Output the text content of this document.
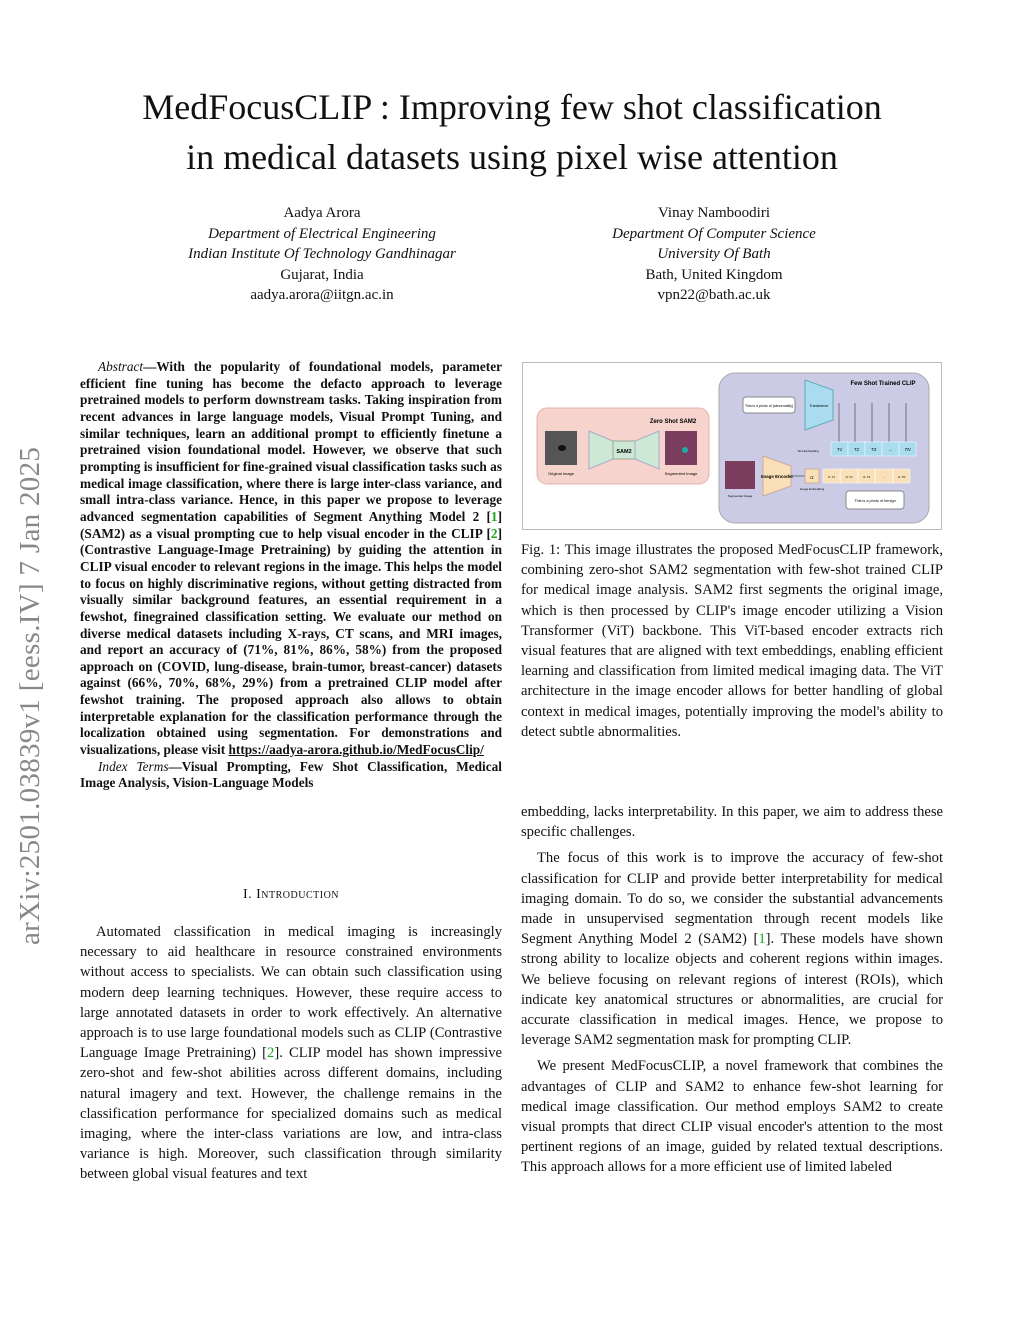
MedFocusCLIP : Improving few shot classification
in medical datasets using pixel wise attention
Aadya Arora
Department of Electrical Engineering
Indian Institute Of Technology Gandhinagar
Gujarat, India
aadya.arora@iitgn.ac.in
Vinay Namboodiri
Department Of Computer Science
University Of Bath
Bath, United Kingdom
vpn22@bath.ac.uk
arXiv:2501.03839v1 [eess.IV] 7 Jan 2025

Abstract—With the popularity of foundational models, parameter efficient fine tuning has become the defacto approach to leverage pretrained models to perform downstream tasks. Taking inspiration from recent advances in large language models, Visual Prompt Tuning, and similar techniques, learn an additional prompt to efficiently finetune a pretrained vision foundational model. However, we observe that such prompting is insufficient for fine-grained visual classification tasks such as medical image classification, where there is large inter-class variance, and small intra-class variance. Hence, in this paper we propose to leverage advanced segmentation capabilities of Segment Anything Model 2 [1] (SAM2) as a visual prompting cue to help visual encoder in the CLIP [2] (Contrastive Language-Image Pretraining) by guiding the attention in CLIP visual encoder to relevant regions in the image. This helps the model to focus on highly discriminative regions, without getting distracted from visually similar background features, an essential requirement in a fewshot, finegrained classification setting. We evaluate our method on diverse medical datasets including X-rays, CT scans, and MRI images, and report an accuracy of (71%, 81%, 86%, 58%) from the proposed approach on (COVID, lung-disease, brain-tumor, breast-cancer) datasets against (66%, 70%, 68%, 29%) from a pretrained CLIP model after fewshot training. The proposed approach also allows to obtain interpretable explanation for the classification performance through the localization obtained using segmentation. For demonstrations and visualizations, please visit https://aadya-arora.github.io/MedFocusClip/

Index Terms—Visual Prompting, Few Shot Classification, Medical Image Analysis, Vision-Language Models

I. Introduction

Automated classification in medical imaging is increasingly necessary to aid healthcare in resource constrained environments without access to specialists. We can obtain such classification using modern deep learning techniques. However, these require access to large annotated datasets in order to work effectively. An alternative approach is to use large foundational models such as CLIP (Contrastive Language Image Pretraining) [2]. CLIP model has shown impressive zero-shot and few-shot abilities across different domains, including natural imagery and text. However, the challenge remains in the classification performance for specialized domains such as medical imaging, where the inter-class variations are low, and intra-class variance is high. Moreover, such classification through similarity between global visual features and text

Zero Shot SAM2
Original Image
SAM2
Segmented Image
Few Shot Trained CLIP
This is a photo of {abnormality}	Transformer
Text Embedding	T1	T2	T3	...	TN
Segmented Image
Image Encoder	I1
Image Embedding
I1·T1	I1·T2	I1·T3	...	I1·TN
This is a photo of benign
Fig. 1: This image illustrates the proposed MedFocusCLIP framework, combining zero-shot SAM2 segmentation with few-shot trained CLIP for medical image analysis. SAM2 first segments the original image, which is then processed by CLIP's image encoder utilizing a Vision Transformer (ViT) backbone. This ViT-based encoder extracts rich visual features that are aligned with text embeddings, enabling efficient learning and classification from limited medical imaging data. The ViT architecture in the image encoder allows for better handling of global context in medical images, potentially improving the model's ability to detect subtle abnormalities.

embedding, lacks interpretability. In this paper, we aim to address these specific challenges.

The focus of this work is to improve the accuracy of few-shot classification for CLIP and provide better interpretability for medical imaging domain. To do so, we consider the substantial advancements made in unsupervised segmentation through recent models like Segment Anything Model 2 (SAM2) [1]. These models have shown strong ability to localize objects and coherent regions within images. We believe focusing on relevant regions of interest (ROIs), which indicate key anatomical structures or abnormalities, are crucial for accurate classification in medical images. Hence, we propose to leverage SAM2 segmentation mask for prompting CLIP.

We present MedFocusCLIP, a novel framework that combines the advantages of CLIP and SAM2 to enhance few-shot learning for medical image classification. Our method employs SAM2 to create visual prompts that direct CLIP visual encoder's attention to the most pertinent regions of an image, guided by related textual descriptions. This approach allows for a more efficient use of limited labeled
